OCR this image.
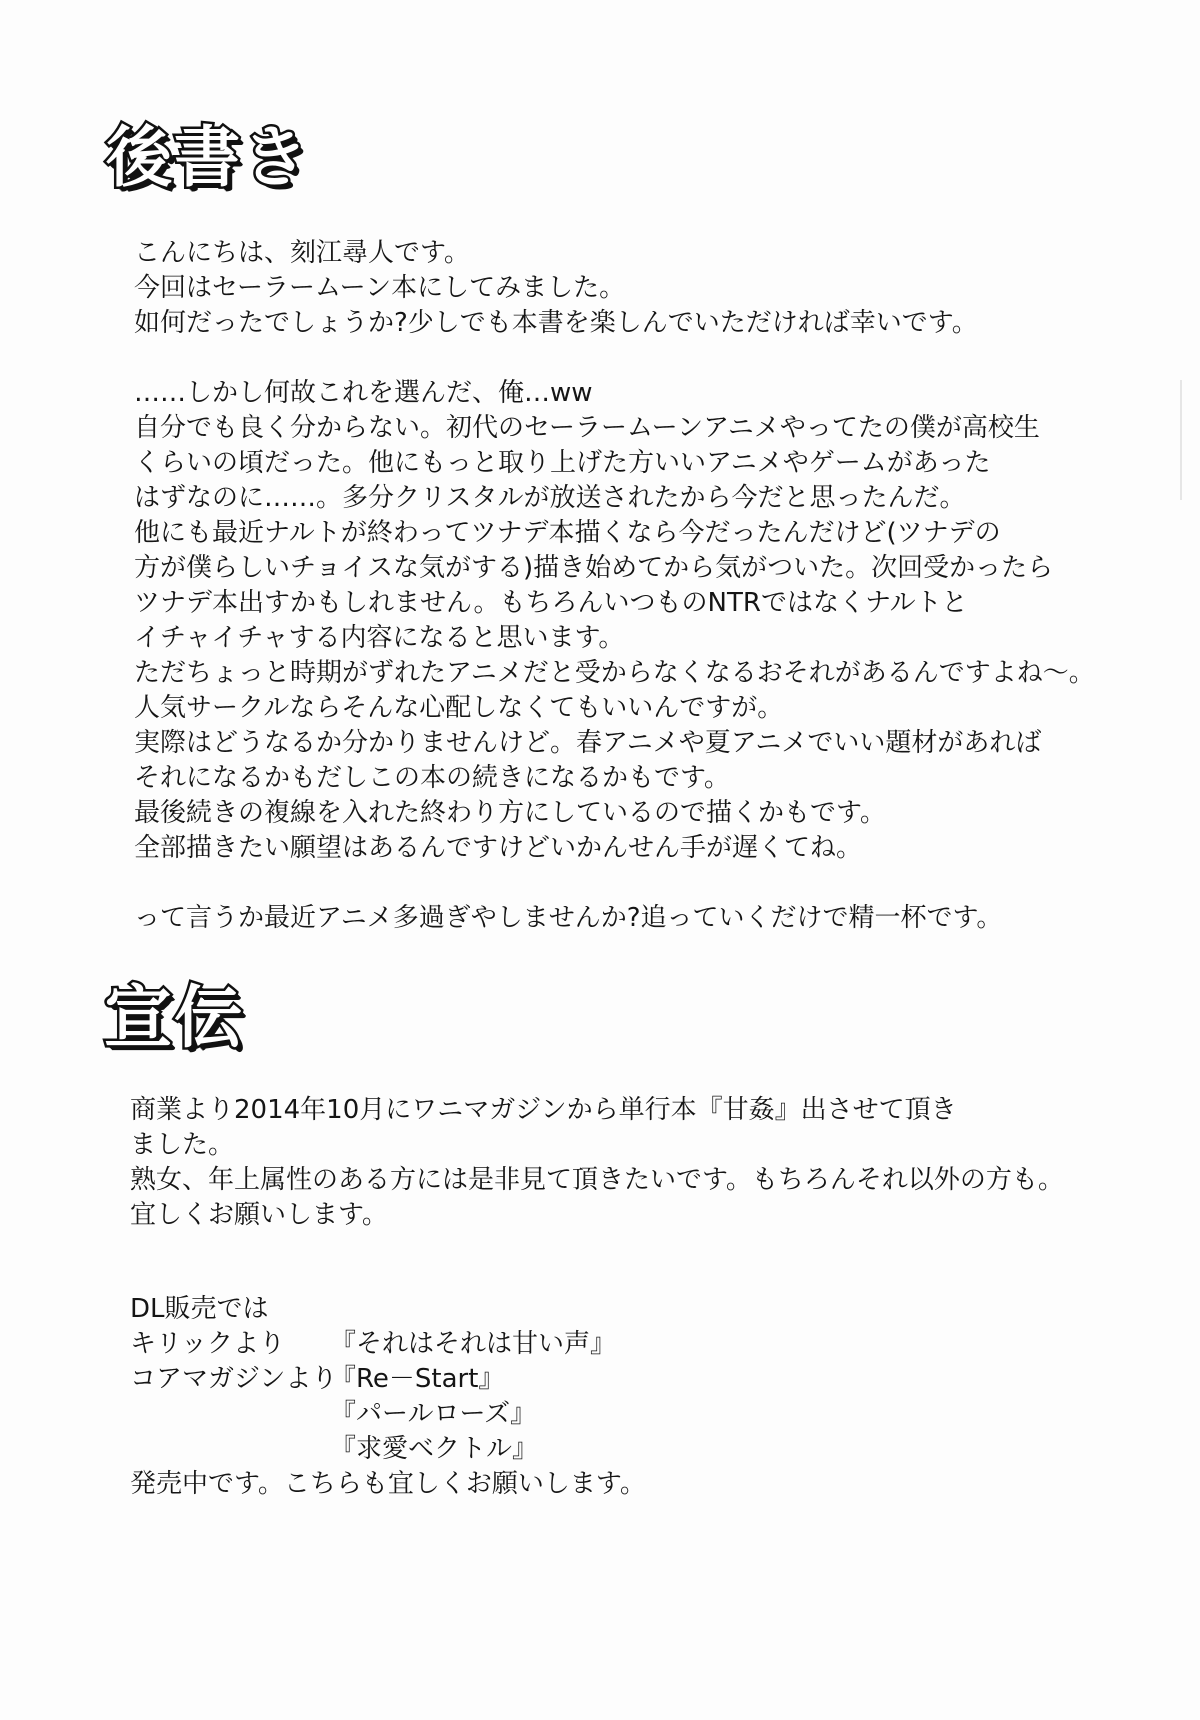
後書き
こんにちは、刻江尋人です。
今回はセーラームーン本にしてみました。
如何だったでしょうか?少しでも本書を楽しんでいただければ幸いです。
……しかし何故これを選んだ、俺…ww
自分でも良く分からない。初代のセーラームーンアニメやってたの僕が高校生
くらいの頃だった。他にもっと取り上げた方いいアニメやゲームがあった
はずなのに……。多分クリスタルが放送されたから今だと思ったんだ。
他にも最近ナルトが終わってツナデ本描くなら今だったんだけど(ツナデの
方が僕らしいチョイスな気がする)描き始めてから気がついた。次回受かったら
ツナデ本出すかもしれません。もちろんいつものNTRではなくナルトと
イチャイチャする内容になると思います。
ただちょっと時期がずれたアニメだと受からなくなるおそれがあるんですよね～。
人気サークルならそんな心配しなくてもいいんですが。
実際はどうなるか分かりませんけど。春アニメや夏アニメでいい題材があれば
それになるかもだしこの本の続きになるかもです。
最後続きの複線を入れた終わり方にしているので描くかもです。
全部描きたい願望はあるんですけどいかんせん手が遅くてね。
って言うか最近アニメ多過ぎやしませんか?追っていくだけで精一杯です。
宣伝
商業より2014年10月にワニマガジンから単行本『甘姦』出させて頂き
ました。
熟女、年上属性のある方には是非見て頂きたいです。もちろんそれ以外の方も。
宜しくお願いします。
DL販売では
キリックより 『それはそれは甘い声』
コアマガジンより
『Re－Start』
『パールローズ』
『求愛ベクトル』
発売中です。こちらも宜しくお願いします。
